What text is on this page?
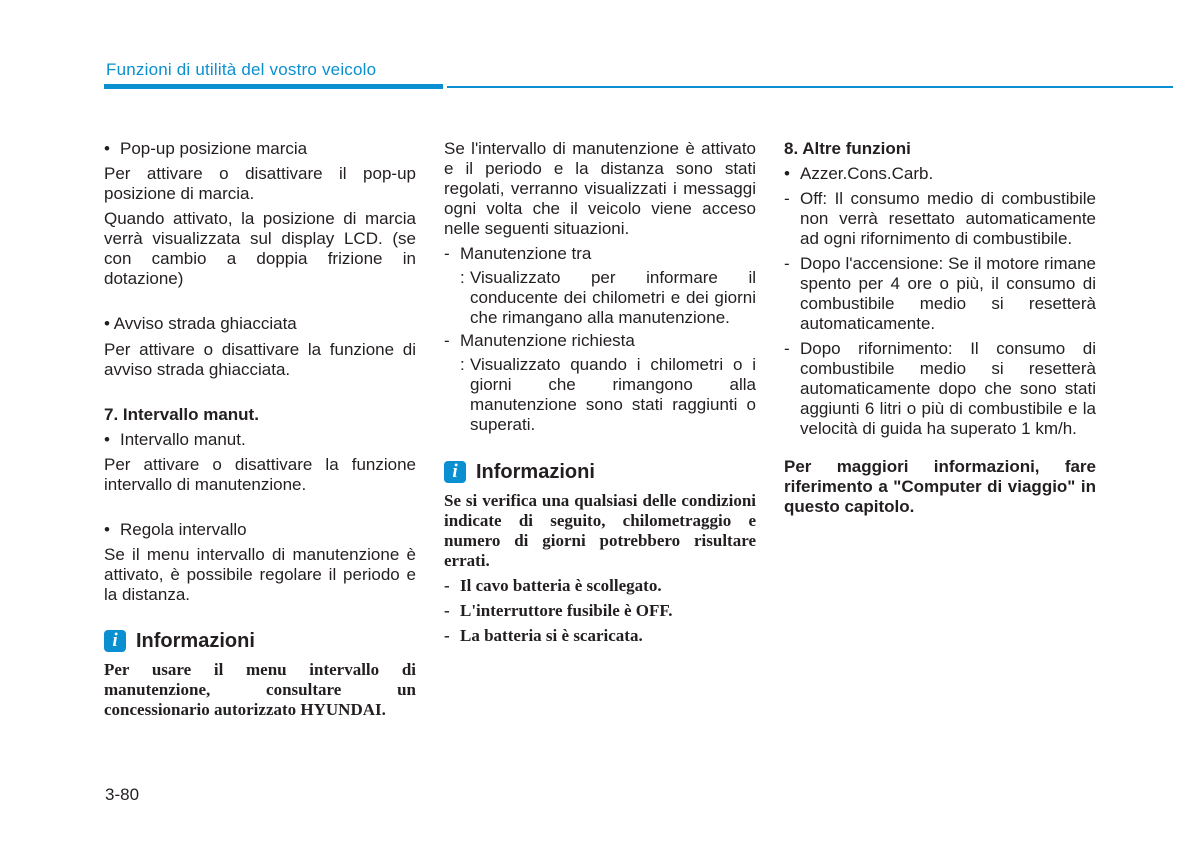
Funzioni di utilità del vostro veicolo
• Pop-up posizione marcia

Per attivare o disattivare il pop-up posizione di marcia.

Quando attivato, la posizione di marcia verrà visualizzata sul display LCD. (se con cambio a doppia frizione in dotazione)

• Avviso strada ghiacciata

Per attivare o disattivare la funzione di avviso strada ghiacciata.

7. Intervallo manut.

• Intervallo manut.

Per attivare o disattivare la funzione intervallo di manutenzione.

• Regola intervallo

Se il menu intervallo di manutenzione è attivato, è possibile regolare il periodo e la distanza.

i Informazioni

Per usare il menu intervallo di manutenzione, consultare un concessionario autorizzato HYUNDAI.

Se l'intervallo di manutenzione è attivato e il periodo e la distanza sono stati regolati, verranno visualizzati i messaggi ogni volta che il veicolo viene acceso nelle seguenti situazioni.

- Manutenzione tra
: Visualizzato per informare il conducente dei chilometri e dei giorni che rimangano alla manutenzione.
- Manutenzione richiesta
: Visualizzato quando i chilometri o i giorni che rimangono alla manutenzione sono stati raggiunti o superati.
i Informazioni

Se si verifica una qualsiasi delle condizioni indicate di seguito, chilometraggio e numero di giorni potrebbero risultare errati.

- Il cavo batteria è scollegato.
- L'interruttore fusibile è OFF.
- La batteria si è scaricata.

8. Altre funzioni

• Azzer.Cons.Carb.
- Off: Il consumo medio di combustibile non verrà resettato automaticamente ad ogni rifornimento di combustibile.
- Dopo l'accensione: Se il motore rimane spento per 4 ore o più, il consumo di combustibile medio si resetterà automaticamente.
- Dopo rifornimento: Il consumo di combustibile medio si resetterà automaticamente dopo che sono stati aggiunti 6 litri o più di combustibile e la velocità di guida ha superato 1 km/h.

Per maggiori informazioni, fare riferimento a "Computer di viaggio" in questo capitolo.

3-80
